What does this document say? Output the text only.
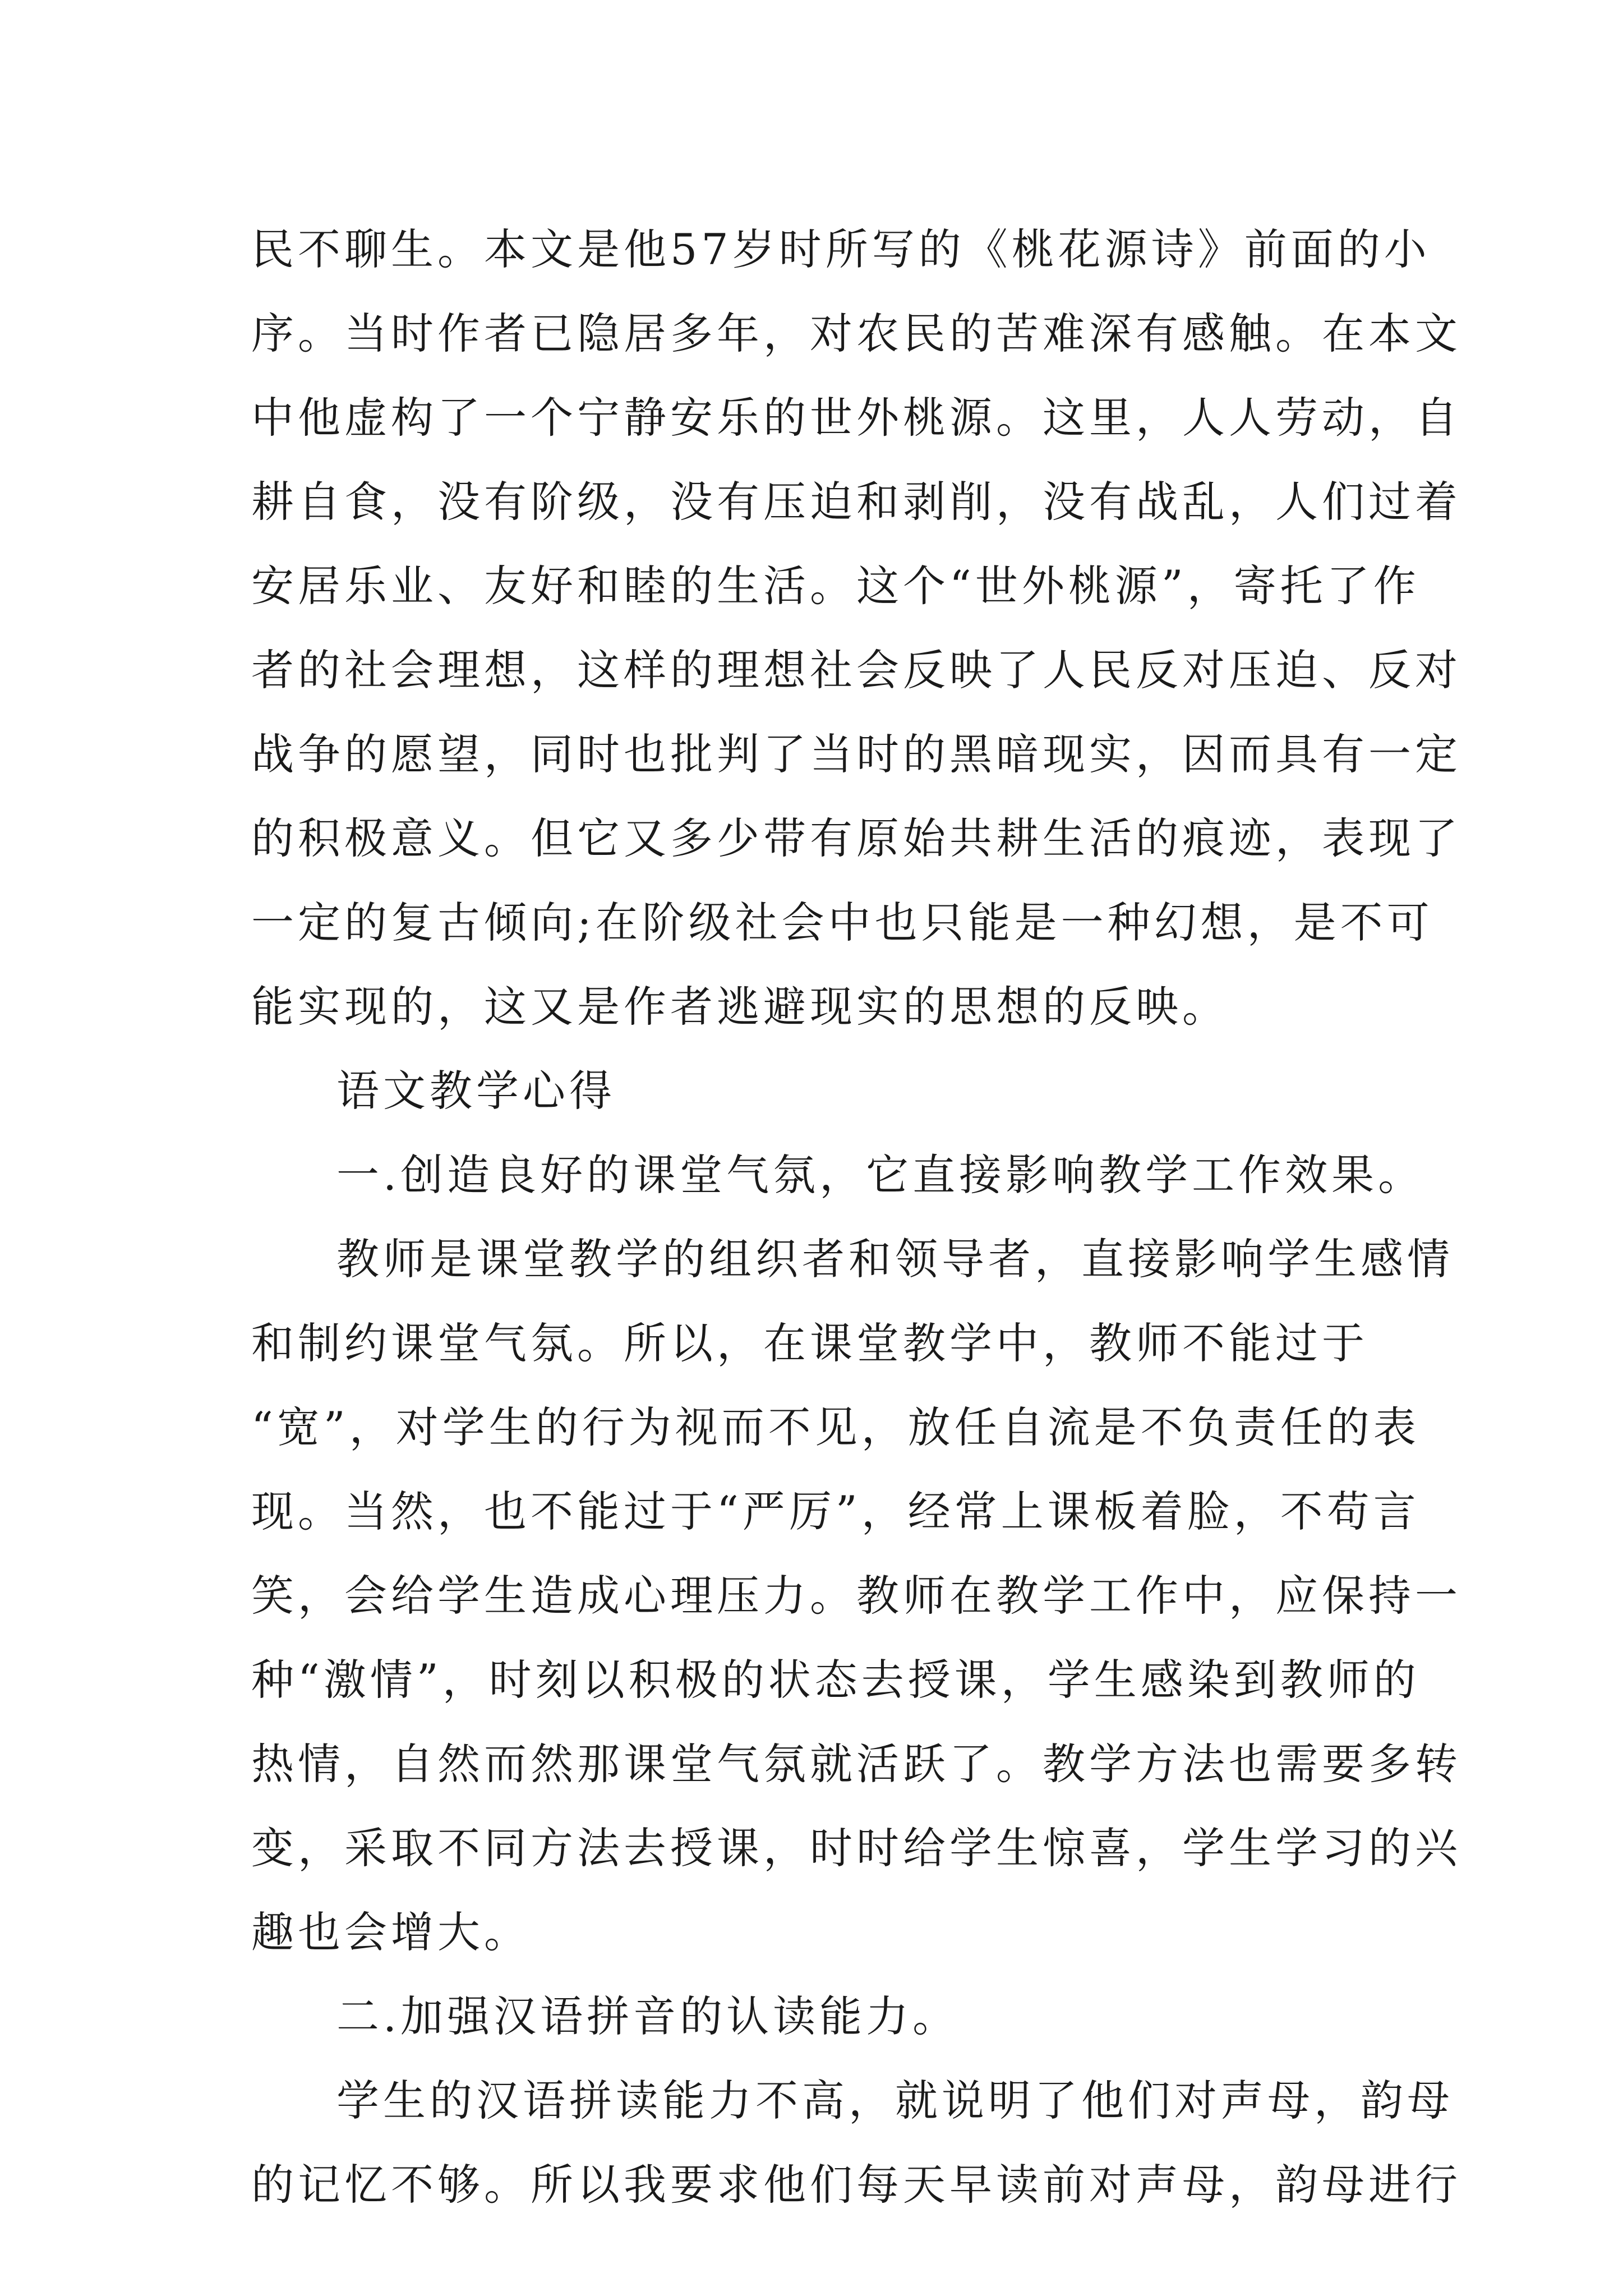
民不聊生。本文是他57岁时所写的《桃花源诗》前面的小
序。当时作者已隐居多年，对农民的苦难深有感触。在本文
中他虚构了一个宁静安乐的世外桃源。这里，人人劳动，自
耕自食，没有阶级，没有压迫和剥削，没有战乱，人们过着
安居乐业、友好和睦的生活。这个“世外桃源”，寄托了作
者的社会理想，这样的理想社会反映了人民反对压迫、反对
战争的愿望，同时也批判了当时的黑暗现实，因而具有一定
的积极意义。但它又多少带有原始共耕生活的痕迹，表现了
一定的复古倾向;在阶级社会中也只能是一种幻想，是不可
能实现的，这又是作者逃避现实的思想的反映。

语文教学心得

一.创造良好的课堂气氛，它直接影响教学工作效果。

教师是课堂教学的组织者和领导者，直接影响学生感情
和制约课堂气氛。所以，在课堂教学中，教师不能过于
“宽”，对学生的行为视而不见，放任自流是不负责任的表
现。当然，也不能过于“严厉”，经常上课板着脸，不苟言
笑，会给学生造成心理压力。教师在教学工作中，应保持一
种“激情”，时刻以积极的状态去授课，学生感染到教师的
热情，自然而然那课堂气氛就活跃了。教学方法也需要多转
变，采取不同方法去授课，时时给学生惊喜，学生学习的兴
趣也会增大。

二.加强汉语拼音的认读能力。

学生的汉语拼读能力不高，就说明了他们对声母，韵母
的记忆不够。所以我要求他们每天早读前对声母，韵母进行
